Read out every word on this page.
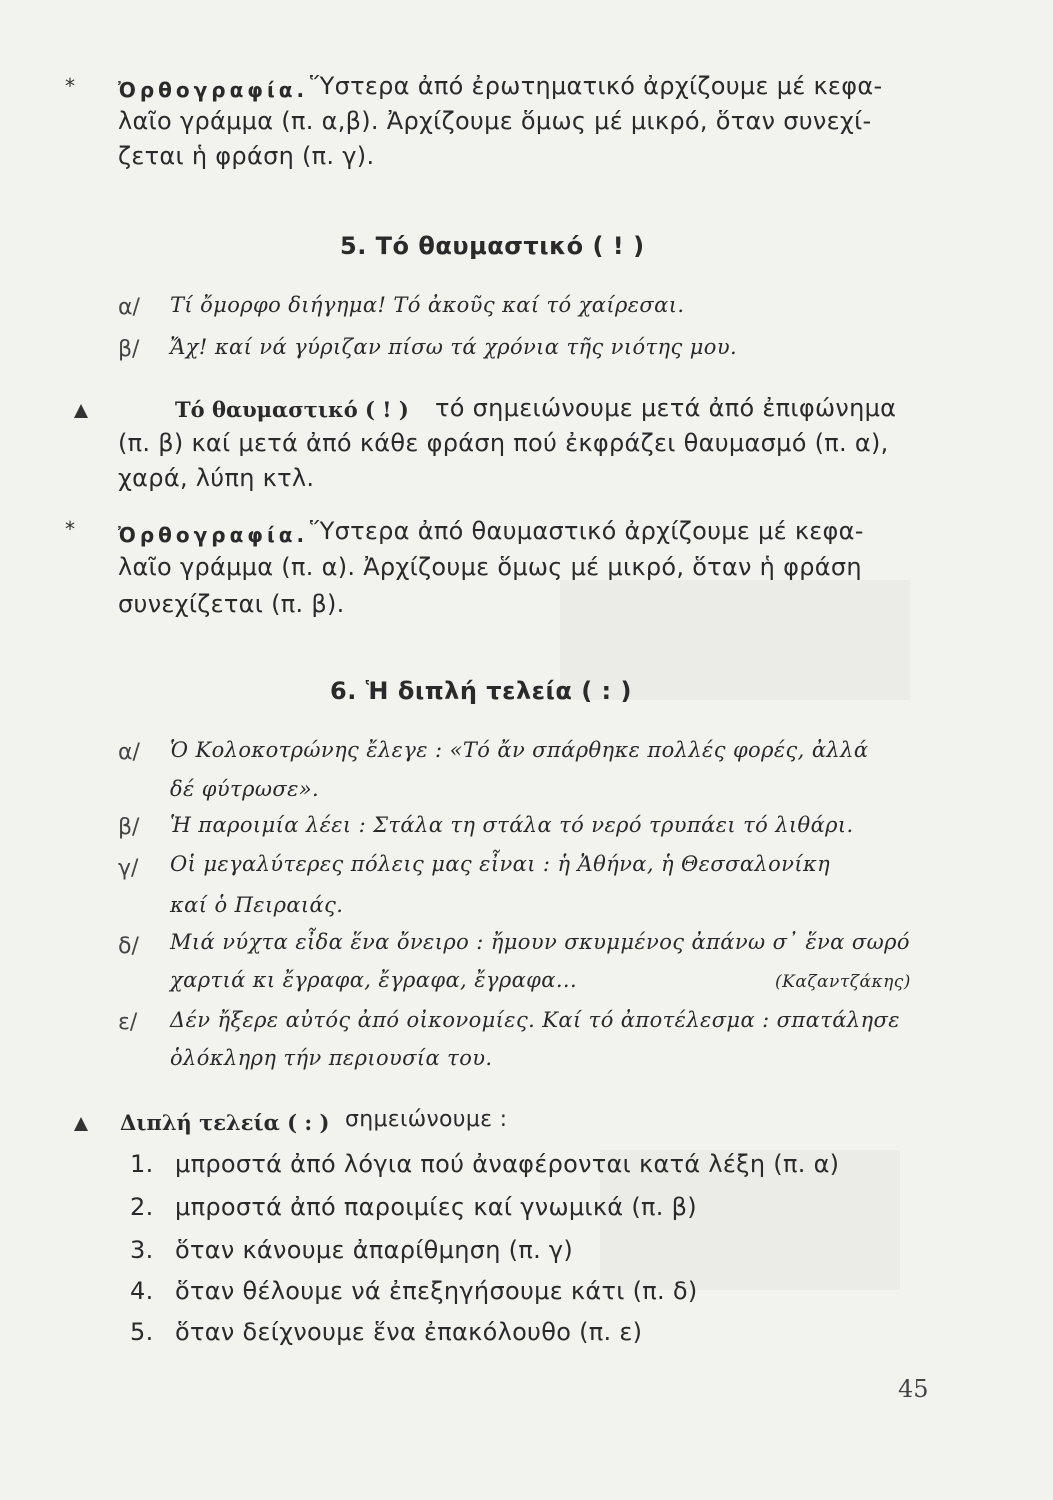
* Ὀρθογραφία. Ὕστερα ἀπό ἐρωτηματικό ἀρχίζουμε μέ κεφα-
λαῖο γράμμα (π. α,β). Ἀρχίζουμε ὅμως μέ μικρό, ὅταν συνεχί-
ζεται ἡ φράση (π. γ).
5. Τό θαυμαστικό ( ! )
α/ Τί ὄμορφο διήγημα! Τό ἀκοῦς καί τό χαίρεσαι.
β/ Ἄχ! καί νά γύριζαν πίσω τά χρόνια τῆς νιότης μου.
Τό θαυμαστικό ( ! ) τό σημειώνουμε μετά ἀπό ἐπιφώνημα
(π. β) καί μετά ἀπό κάθε φράση πού ἐκφράζει θαυμασμό (π. α),
χαρά, λύπη κτλ.
* Ὀρθογραφία. Ὕστερα ἀπό θαυμαστικό ἀρχίζουμε μέ κεφα-
λαῖο γράμμα (π. α). Ἀρχίζουμε ὅμως μέ μικρό, ὅταν ἡ φράση
συνεχίζεται (π. β).
6. Ἡ διπλή τελεία ( : )
α/ Ὁ Κολοκοτρώνης ἔλεγε : «Τό ἄν σπάρθηκε πολλές φορές, ἀλλά
δέ φύτρωσε».
β/ Ἡ παροιμία λέει : Στάλα τη στάλα τό νερό τρυπάει τό λιθάρι.
γ/ Οἱ μεγαλύτερες πόλεις μας εἶναι : ἡ Ἀθήνα, ἡ Θεσσαλονίκη
καί ὁ Πειραιάς.
δ/ Μιά νύχτα εἶδα ἕνα ὄνειρο : ἤμουν σκυμμένος ἀπάνω σ᾿ ἕνα σωρό
χαρτιά κι ἔγραφα, ἔγραφα, ἔγραφα...	(Καζαντζάκης)
ε/ Δέν ἤξερε αὐτός ἀπό οἰκονομίες. Καί τό ἀποτέλεσμα : σπατάλησε
ὁλόκληρη τήν περιουσία του.
Διπλή τελεία ( : ) σημειώνουμε :
1. μπροστά ἀπό λόγια πού ἀναφέρονται κατά λέξη (π. α)
2. μπροστά ἀπό παροιμίες καί γνωμικά (π. β)
3. ὅταν κάνουμε ἀπαρίθμηση (π. γ)
4. ὅταν θέλουμε νά ἐπεξηγήσουμε κάτι (π. δ)
5. ὅταν δείχνουμε ἕνα ἐπακόλουθο (π. ε)
45
